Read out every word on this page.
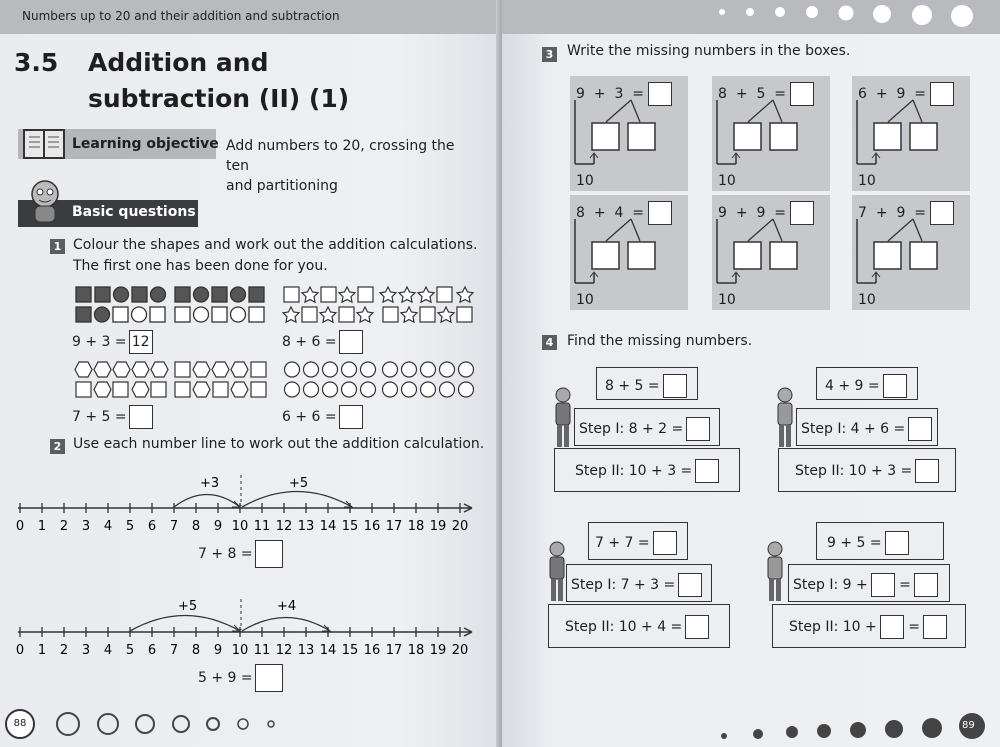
Numbers up to 20 and their addition and subtraction
3.5 Addition and
subtraction (II) (1)
Learning objective Add numbers to 20, crossing the ten
and partitioning
Basic questions
1 Colour the shapes and work out the addition calculations.
The first one has been done for you.
9 + 3 = 12	8 + 6 =
7 + 5 =	6 + 6 =
2 Use each number line to work out the addition calculation.
+3	+5
0 1 2 3 4 5 6 7 8 9 10 11 12 13 14 15 16 17 18 19 20
7 + 8 =
+5	+4
0 1 2 3 4 5 6 7 8 9 10 11 12 13 14 15 16 17 18 19 20
5 + 9 =
88
3 Write the missing numbers in the boxes.
9  +  3  =
10
8  +  5  =
10
6  +  9  =
10
8  +  4  =
10
9  +  9  =
10
7  +  9  =
10
4 Find the missing numbers.
8 + 5 =
Step I: 8 + 2 =
Step II: 10 + 3 =
4 + 9 =
Step I: 4 + 6 =
Step II: 10 + 3 =
7 + 7 =
Step I: 7 + 3 =
Step II: 10 + 4 =
9 + 5 =
Step I: 9 + =
Step II: 10 + =
89
